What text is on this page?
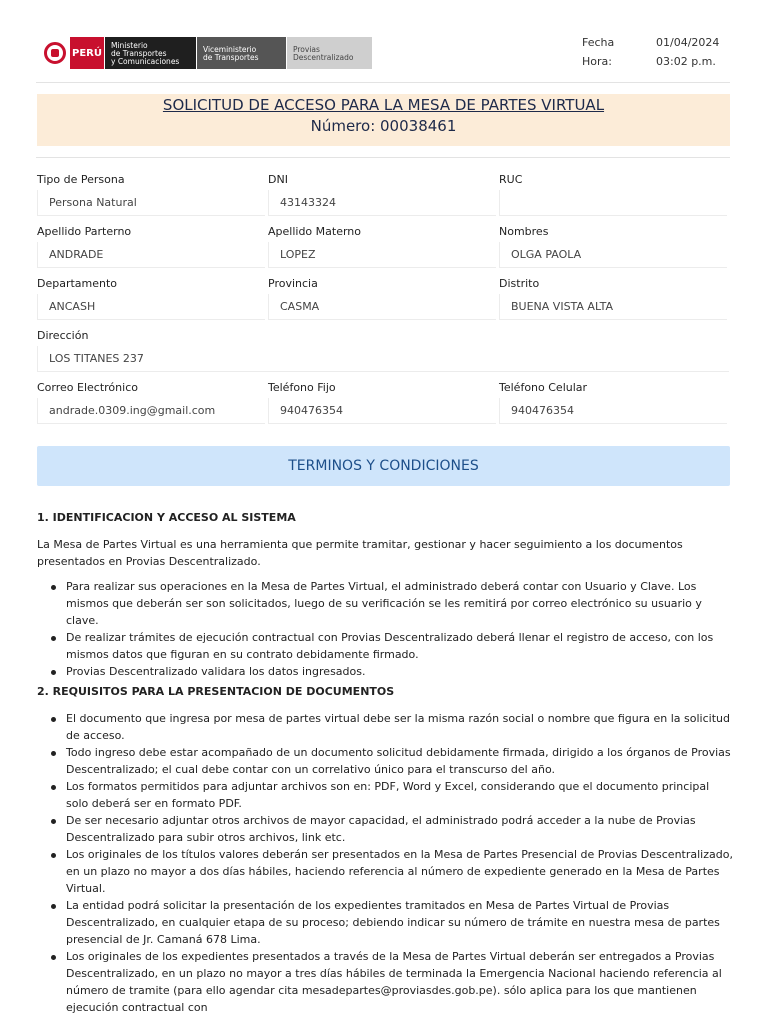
PERÚ
Ministerio
de Transportes
y Comunicaciones
Viceministerio
de Transportes
Provias
Descentralizado
Fecha	01/04/2024
Hora:	03:02 p.m.
SOLICITUD DE ACCESO PARA LA MESA DE PARTES VIRTUAL
Número: 00038461
Tipo de Persona
Persona Natural
DNI
43143324
RUC
Apellido Parterno
ANDRADE
Apellido Materno
LOPEZ
Nombres
OLGA PAOLA
Departamento
ANCASH
Provincia
CASMA
Distrito
BUENA VISTA ALTA
Dirección
LOS TITANES 237
Correo Electrónico
andrade.0309.ing@gmail.com
Teléfono Fijo
940476354
Teléfono Celular
940476354
TERMINOS Y CONDICIONES
1. IDENTIFICACION Y ACCESO AL SISTEMA

La Mesa de Partes Virtual es una herramienta que permite tramitar, gestionar y hacer seguimiento a los documentos presentados en Provias Descentralizado.

Para realizar sus operaciones en la Mesa de Partes Virtual, el administrado deberá contar con Usuario y Clave. Los mismos que deberán ser son solicitados, luego de su verificación se les remitirá por correo electrónico su usuario y clave.
De realizar trámites de ejecución contractual con Provias Descentralizado deberá llenar el registro de acceso, con los mismos datos que figuran en su contrato debidamente firmado.
Provias Descentralizado validara los datos ingresados.
2. REQUISITOS PARA LA PRESENTACION DE DOCUMENTOS
El documento que ingresa por mesa de partes virtual debe ser la misma razón social o nombre que figura en la solicitud de acceso.
Todo ingreso debe estar acompañado de un documento solicitud debidamente firmada, dirigido a los órganos de Provias Descentralizado; el cual debe contar con un correlativo único para el transcurso del año.
Los formatos permitidos para adjuntar archivos son en: PDF, Word y Excel, considerando que el documento principal solo deberá ser en formato PDF.
De ser necesario adjuntar otros archivos de mayor capacidad, el administrado podrá acceder a la nube de Provias Descentralizado para subir otros archivos, link etc.
Los originales de los títulos valores deberán ser presentados en la Mesa de Partes Presencial de Provias Descentralizado, en un plazo no mayor a dos días hábiles, haciendo referencia al número de expediente generado en la Mesa de Partes Virtual.
La entidad podrá solicitar la presentación de los expedientes tramitados en Mesa de Partes Virtual de Provias Descentralizado, en cualquier etapa de su proceso; debiendo indicar su número de trámite en nuestra mesa de partes presencial de Jr. Camaná 678 Lima.
Los originales de los expedientes presentados a través de la Mesa de Partes Virtual deberán ser entregados a Provias Descentralizado, en un plazo no mayor a tres días hábiles de terminada la Emergencia Nacional haciendo referencia al número de tramite (para ello agendar cita mesadepartes@proviasdes.gob.pe). sólo aplica para los que mantienen ejecución contractual con
